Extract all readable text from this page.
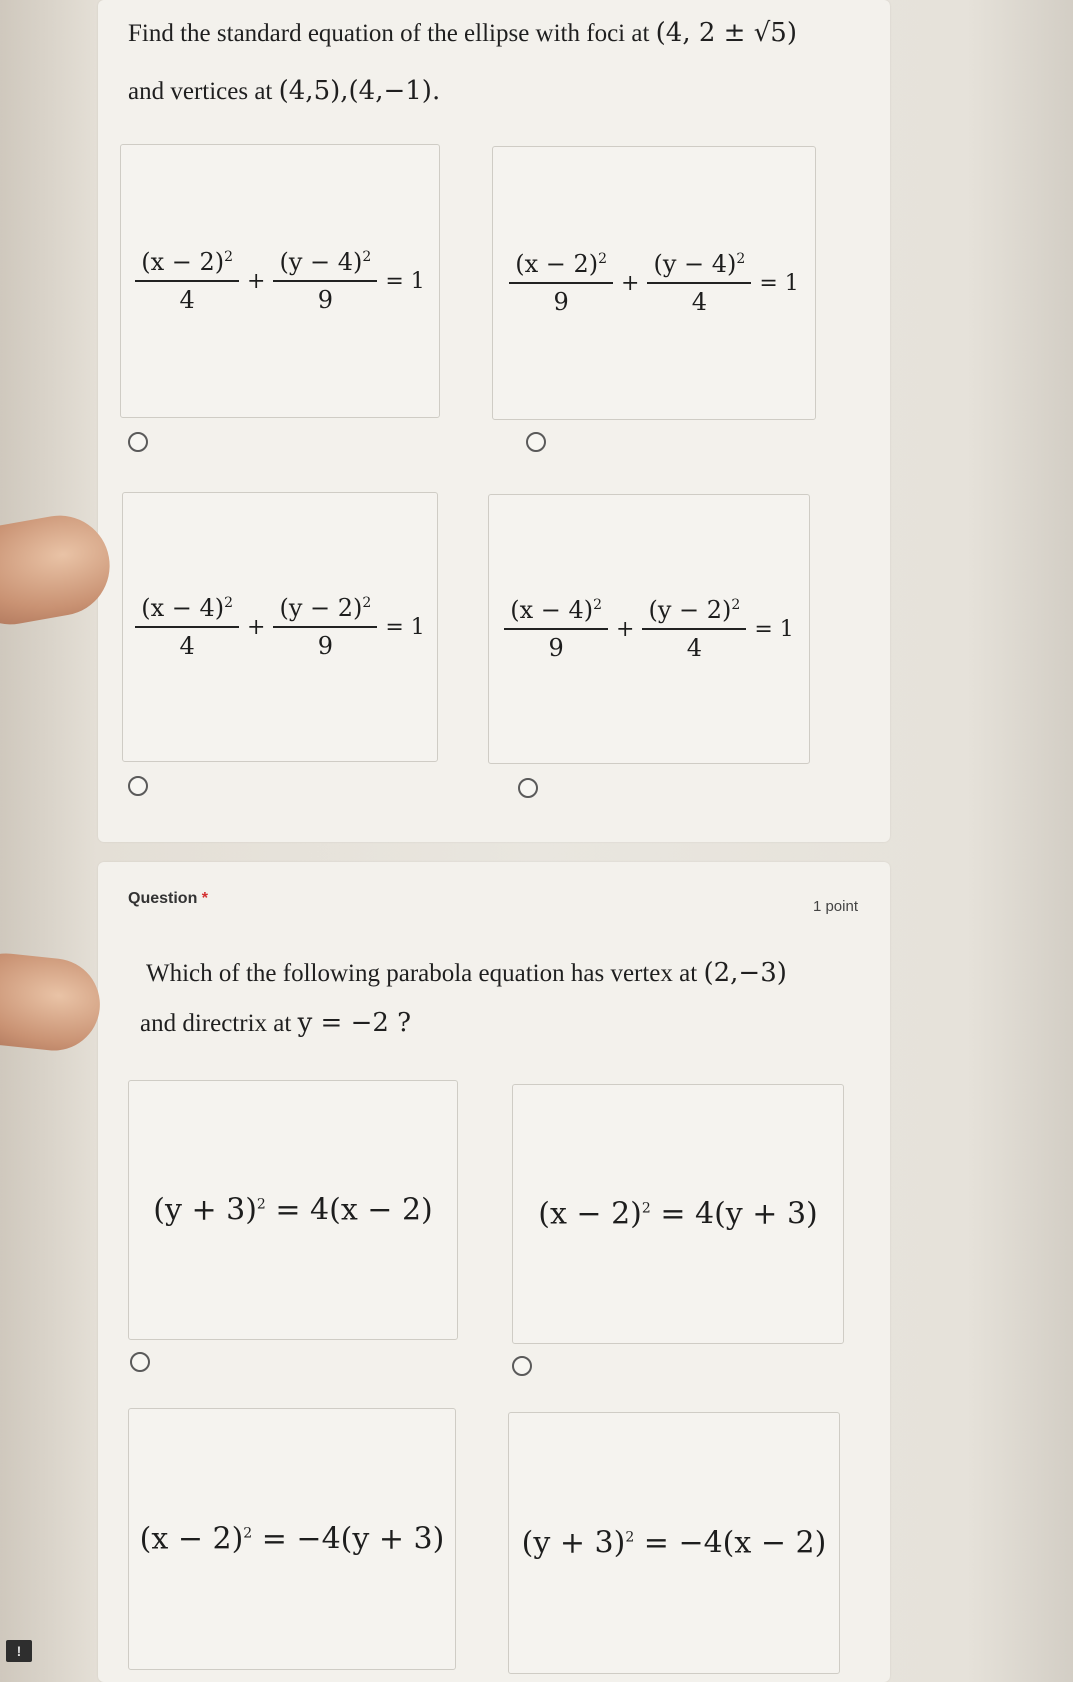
Find the standard equation of the ellipse with foci at (4, 2 ± √5)
and vertices at (4,5),(4,−1).
$\frac{(x - 2)^2}{4} + \frac{(y - 4)^2}{9} = 1$	$\frac{(x - 2)^2}{9} + \frac{(y - 4)^2}{4} = 1$
$\frac{(x - 4)^2}{4} + \frac{(y - 2)^2}{9} = 1$	$\frac{(x - 4)^2}{9} + \frac{(y - 2)^2}{4} = 1$
Question *	1 point
Which of the following parabola equation has vertex at (2,−3)
and directrix at y = −2 ?
$(y + 3)^2 = 4(x - 2)$	$(x - 2)^2 = 4(y + 3)$
$(x - 2)^2 = -4(y + 3)$	$(y + 3)^2 = -4(x - 2)$
!
